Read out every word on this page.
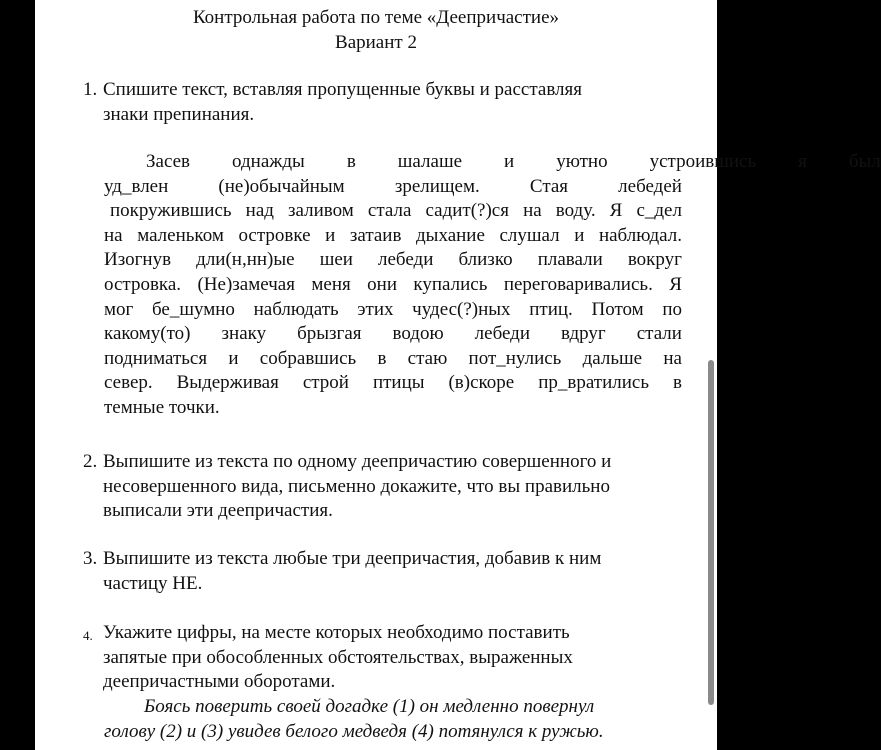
Контрольная работа по теме «Деепричастие»
Вариант 2
1. Спишите текст, вставляя пропущенные буквы и расставляя
знаки препинания.
Засев	однажды	в	шалаше	и	уютно	устроившись	я	был
уд_влен	(не)обычайным	зрелищем.	Стая	лебедей
покружившись над заливом стала садит(?)ся на воду. Я с_дел
на маленьком островке и затаив дыхание слушал и наблюдал.
Изогнув дли(н,нн)ые шеи лебеди близко плавали вокруг
островка. (Не)замечая меня они купались переговаривались. Я
мог бе_шумно наблюдать этих чудес(?)ных птиц. Потом по
какому(то) знаку брызгая водою лебеди вдруг стали
подниматься и собравшись в стаю пот_нулись дальше на
север. Выдерживая строй птицы (в)скоре пр_вратились в
темные точки.
2. Выпишите из текста по одному деепричастию совершенного и
несовершенного вида, письменно докажите, что вы правильно
выписали эти деепричастия.
3. Выпишите из текста любые три деепричастия, добавив к ним
частицу НЕ.
4. Укажите цифры, на месте которых необходимо поставить
запятые при обособленных обстоятельствах, выраженных
деепричастными оборотами.
Боясь поверить своей догадке (1) он медленно повернул
голову (2) и (3) увидев белого медведя (4) потянулся к ружью.
